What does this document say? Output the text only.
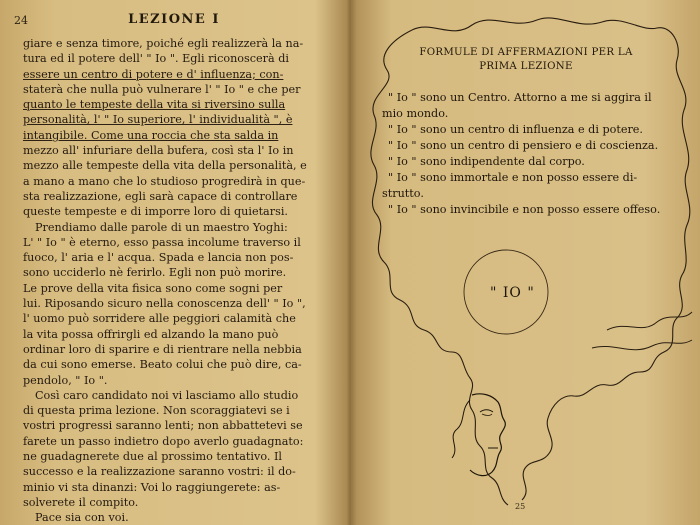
24	LEZIONE I
giare e senza timore, poiché egli realizzerà la na-
tura ed il potere dell' " Io ". Egli riconoscerà di
essere un centro di potere e d' influenza; con-
staterà che nulla può vulnerare l' " Io " e che per
quanto le tempeste della vita si riversino sulla
personalità, l' " Io superiore, l' individualità ", è
intangibile. Come una roccia che sta salda in
mezzo all' infuriare della bufera, così sta l' Io in
mezzo alle tempeste della vita della personalità, e
a mano a mano che lo studioso progredirà in que-
sta realizzazione, egli sarà capace di controllare
queste tempeste e di imporre loro di quietarsi.
Prendiamo dalle parole di un maestro Yoghi:
L' " Io " è eterno, esso passa incolume traverso il
fuoco, l' aria e l' acqua. Spada e lancia non pos-
sono ucciderlo nè ferirlo. Egli non può morire.
Le prove della vita fisica sono come sogni per
lui. Riposando sicuro nella conoscenza dell' " Io ",
l' uomo può sorridere alle peggiori calamità che
la vita possa offrirgli ed alzando la mano può
ordinar loro di sparire e di rientrare nella nebbia
da cui sono emerse. Beato colui che può dire, ca-
pendolo, " Io ".
Così caro candidato noi vi lasciamo allo studio
di questa prima lezione. Non scoraggiatevi se i
vostri progressi saranno lenti; non abbattetevi se
farete un passo indietro dopo averlo guadagnato:
ne guadagnerete due al prossimo tentativo. Il
successo e la realizzazione saranno vostri: il do-
minio vi sta dinanzi: Voi lo raggiungerete: as-
solverete il compito.
Pace sia con voi.
FORMULE DI AFFERMAZIONI PER LA
PRIMA LEZIONE
" Io " sono un Centro. Attorno a me si aggira il
mio mondo.
" Io " sono un centro di influenza e di potere.
" Io " sono un centro di pensiero e di coscienza.
" Io " sono indipendente dal corpo.
" Io " sono immortale e non posso essere di-
strutto.
" Io " sono invincibile e non posso essere offeso.
" IO "
25
